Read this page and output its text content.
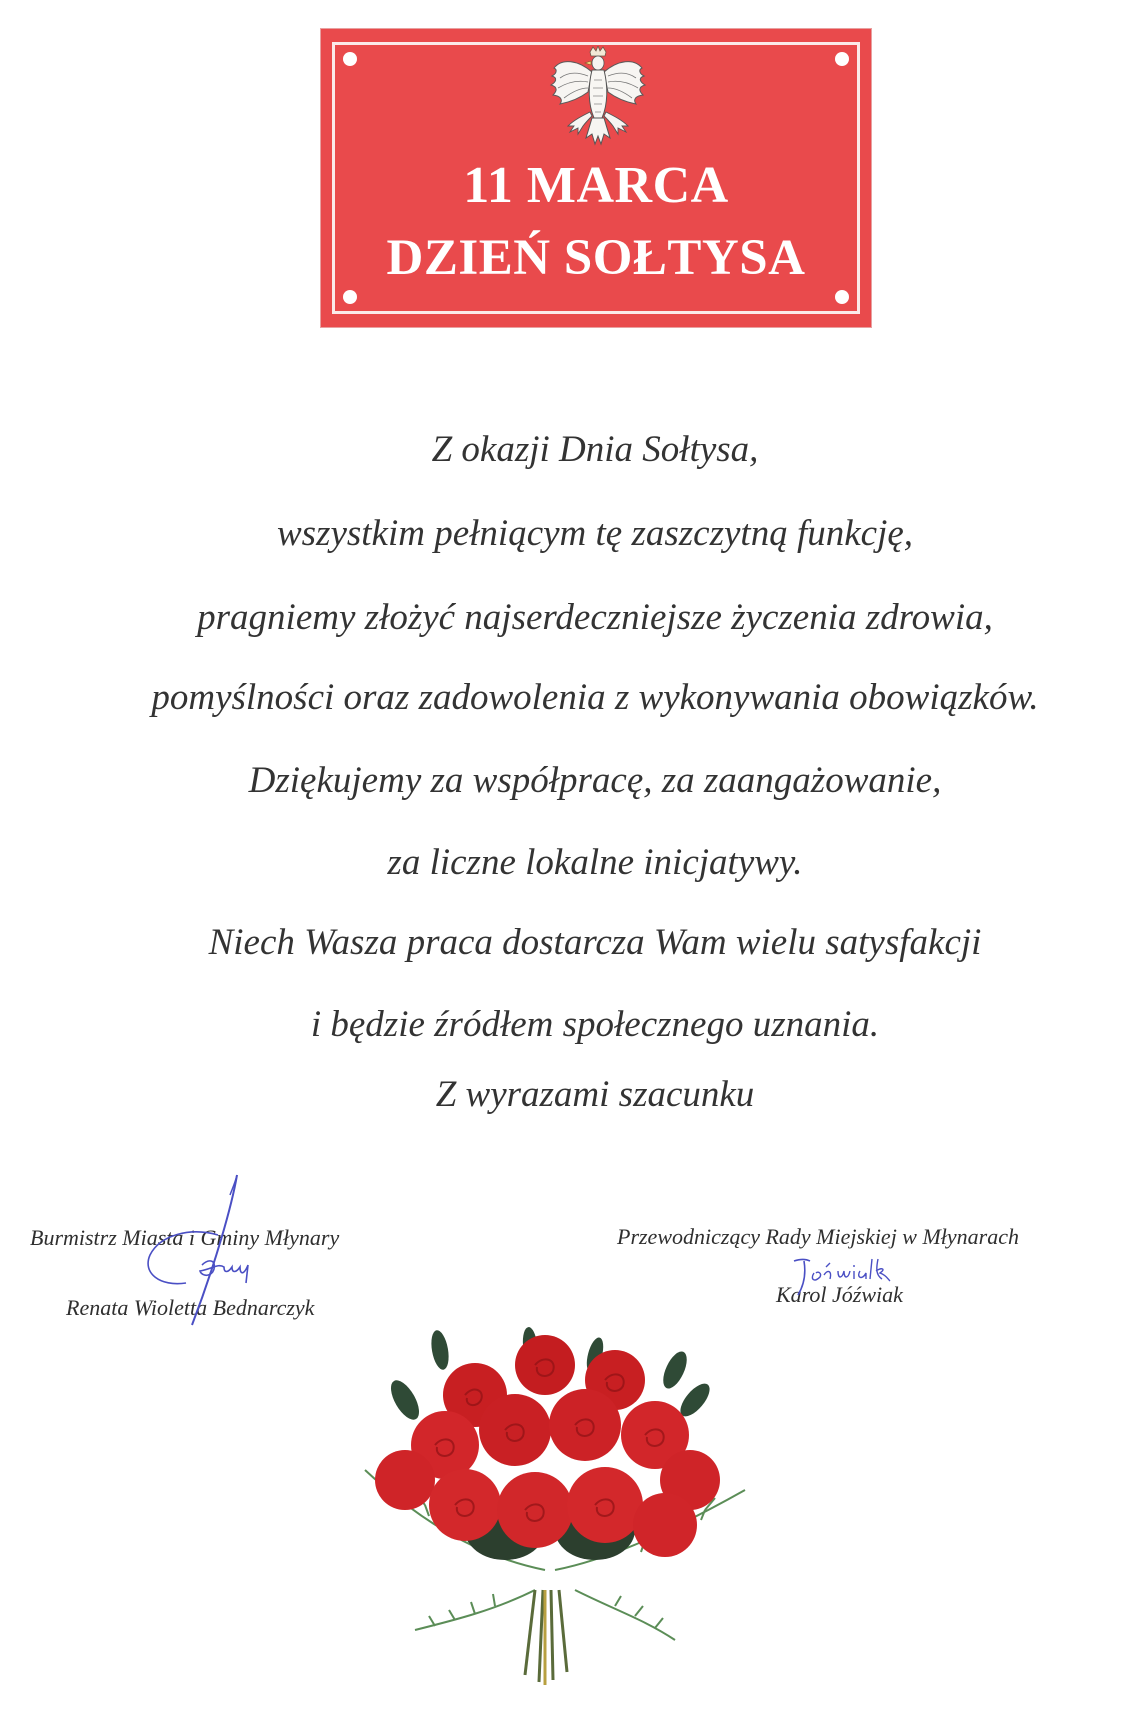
11 MARCA
DZIEŃ SOŁTYSA
Z okazji Dnia Sołtysa,
wszystkim pełniącym tę zaszczytną funkcję,
pragniemy złożyć najserdeczniejsze życzenia zdrowia,
pomyślności oraz zadowolenia z wykonywania obowiązków.
Dziękujemy za współpracę, za zaangażowanie,
za liczne lokalne inicjatywy.
Niech Wasza praca dostarcza Wam wielu satysfakcji
i będzie źródłem społecznego uznania.
Z wyrazami szacunku
Burmistrz Miasta i Gminy Młynary
Renata Wioletta Bednarczyk
Przewodniczący Rady Miejskiej w Młynarach
Karol Jóźwiak
